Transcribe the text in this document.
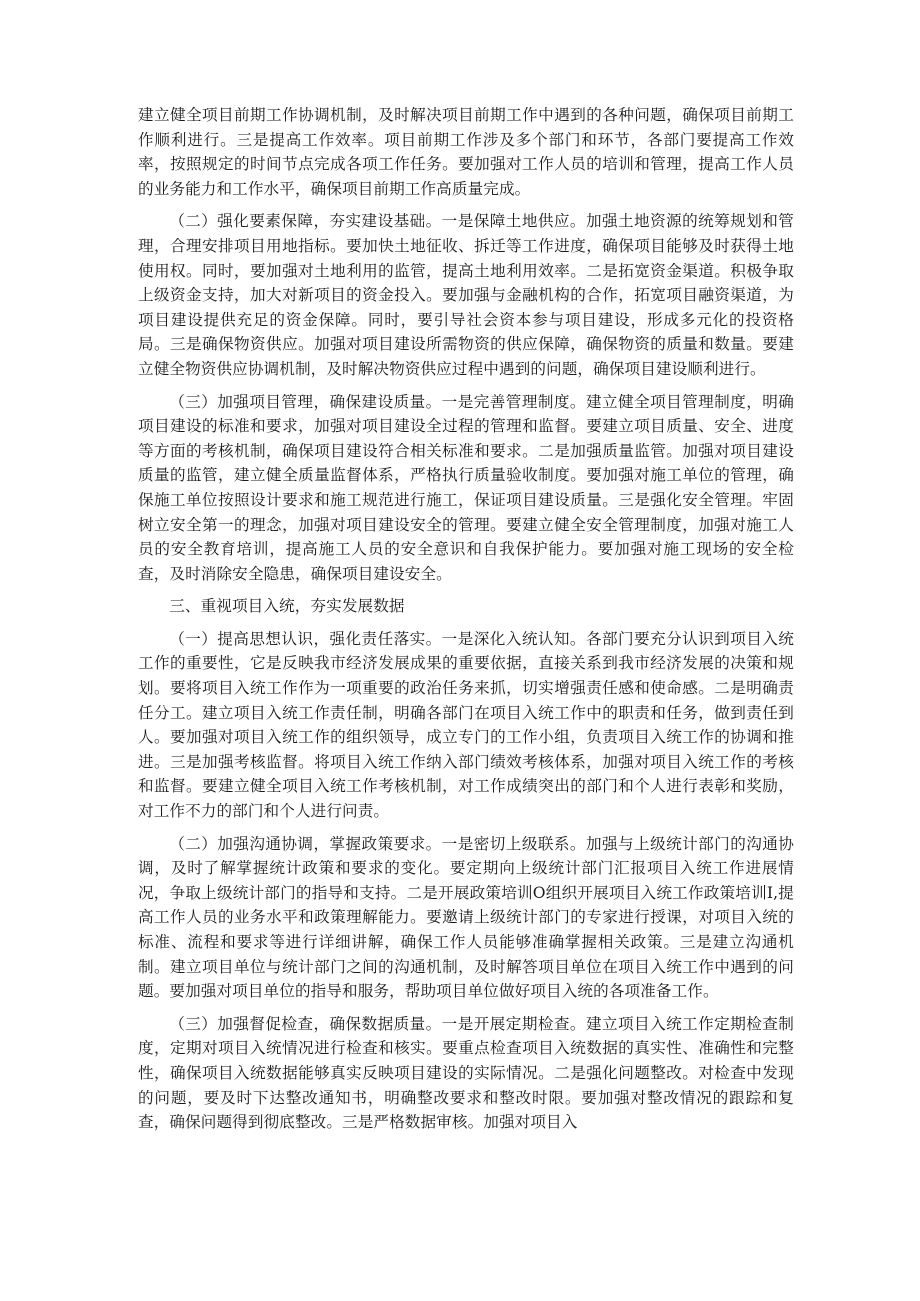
建立健全项目前期工作协调机制，及时解决项目前期工作中遇到的各种问题，确保项目前期工作顺利进行。三是提高工作效率。项目前期工作涉及多个部门和环节，各部门要提高工作效率，按照规定的时间节点完成各项工作任务。要加强对工作人员的培训和管理，提高工作人员的业务能力和工作水平，确保项目前期工作高质量完成。

（二）强化要素保障，夯实建设基础。一是保障土地供应。加强土地资源的统筹规划和管理，合理安排项目用地指标。要加快土地征收、拆迁等工作进度，确保项目能够及时获得土地使用权。同时，要加强对土地利用的监管，提高土地利用效率。二是拓宽资金渠道。积极争取上级资金支持，加大对新项目的资金投入。要加强与金融机构的合作，拓宽项目融资渠道，为项目建设提供充足的资金保障。同时，要引导社会资本参与项目建设，形成多元化的投资格局。三是确保物资供应。加强对项目建设所需物资的供应保障，确保物资的质量和数量。要建立健全物资供应协调机制，及时解决物资供应过程中遇到的问题，确保项目建设顺利进行。

（三）加强项目管理，确保建设质量。一是完善管理制度。建立健全项目管理制度，明确项目建设的标准和要求，加强对项目建设全过程的管理和监督。要建立项目质量、安全、进度等方面的考核机制，确保项目建设符合相关标准和要求。二是加强质量监管。加强对项目建设质量的监管，建立健全质量监督体系，严格执行质量验收制度。要加强对施工单位的管理，确保施工单位按照设计要求和施工规范进行施工，保证项目建设质量。三是强化安全管理。牢固树立安全第一的理念，加强对项目建设安全的管理。要建立健全安全管理制度，加强对施工人员的安全教育培训，提高施工人员的安全意识和自我保护能力。要加强对施工现场的安全检查，及时消除安全隐患，确保项目建设安全。

三、重视项目入统，夯实发展数据

（一）提高思想认识，强化责任落实。一是深化入统认知。各部门要充分认识到项目入统工作的重要性，它是反映我市经济发展成果的重要依据，直接关系到我市经济发展的决策和规划。要将项目入统工作作为一项重要的政治任务来抓，切实增强责任感和使命感。二是明确责任分工。建立项目入统工作责任制，明确各部门在项目入统工作中的职责和任务，做到责任到人。要加强对项目入统工作的组织领导，成立专门的工作小组，负责项目入统工作的协调和推进。三是加强考核监督。将项目入统工作纳入部门绩效考核体系，加强对项目入统工作的考核和监督。要建立健全项目入统工作考核机制，对工作成绩突出的部门和个人进行表彰和奖励，对工作不力的部门和个人进行问责。

（二）加强沟通协调，掌握政策要求。一是密切上级联系。加强与上级统计部门的沟通协调，及时了解掌握统计政策和要求的变化。要定期向上级统计部门汇报项目入统工作进展情况，争取上级统计部门的指导和支持。二是开展政策培训O组织开展项目入统工作政策培训I,提高工作人员的业务水平和政策理解能力。要邀请上级统计部门的专家进行授课，对项目入统的标准、流程和要求等进行详细讲解，确保工作人员能够准确掌握相关政策。三是建立沟通机制。建立项目单位与统计部门之间的沟通机制，及时解答项目单位在项目入统工作中遇到的问题。要加强对项目单位的指导和服务，帮助项目单位做好项目入统的各项准备工作。

（三）加强督促检查，确保数据质量。一是开展定期检查。建立项目入统工作定期检查制度，定期对项目入统情况进行检查和核实。要重点检查项目入统数据的真实性、准确性和完整性，确保项目入统数据能够真实反映项目建设的实际情况。二是强化问题整改。对检查中发现的问题，要及时下达整改通知书，明确整改要求和整改时限。要加强对整改情况的跟踪和复查，确保问题得到彻底整改。三是严格数据审核。加强对项目入
